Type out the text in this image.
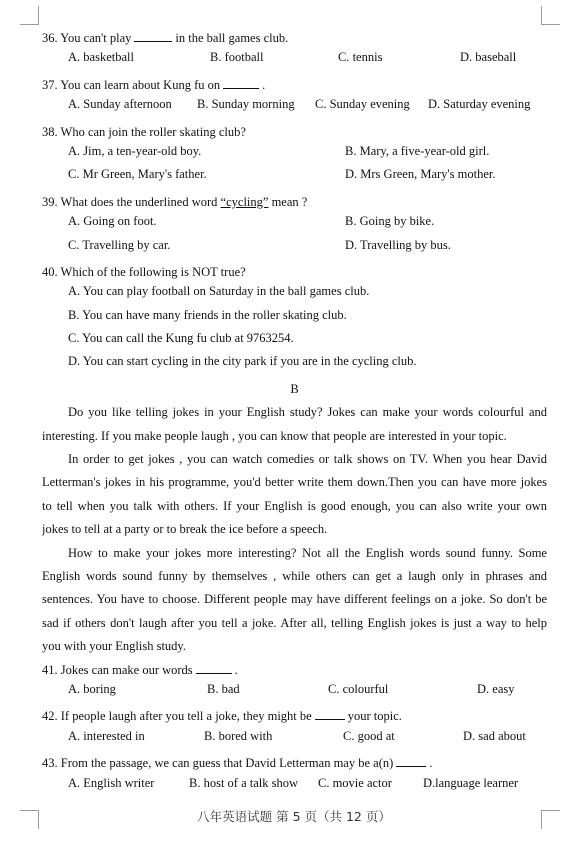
36. You can't play	in the ball games club.
A. basketball	B. football	C. tennis	D. baseball
37. You can learn about Kung fu on	.
A. Sunday afternoon B. Sunday morning C. Sunday evening D. Saturday evening
38. Who can join the roller skating club?
A. Jim, a ten-year-old boy.	B. Mary, a five-year-old girl.
C. Mr Green, Mary's father.	D. Mrs Green, Mary's mother.
39. What does the underlined word “cycling” mean ?
A. Going on foot.	B. Going by bike.
C. Travelling by car.	D. Travelling by bus.
40. Which of the following is NOT true?
A. You can play football on Saturday in the ball games club.
B. You can have many friends in the roller skating club.
C. You can call the Kung fu club at 9763254.
D. You can start cycling in the city park if you are in the cycling club.
B
Do you like telling jokes in your English study? Jokes can make your words colourful and
interesting. If you make people laugh , you can know that people are interested in your topic.
In order to get jokes , you can watch comedies or talk shows on TV. When you hear David
Letterman's jokes in his programme, you'd better write them down.Then you can have more jokes
to tell when you talk with others. If your English is good enough, you can also write your own
jokes to tell at a party or to break the ice before a speech.
How to make your jokes more interesting? Not all the English words sound funny. Some
English words sound funny by themselves , while others can get a laugh only in phrases and
sentences. You have to choose. Different people may have different feelings on a joke. So don't be
sad if others don't laugh after you tell a joke. After all, telling English jokes is just a way to help
you with your English study.
41. Jokes can make our words	.
A. boring	B. bad	C. colourful	D. easy
42. If people laugh after you tell a joke, they might be	your topic.
A. interested in	B. bored with	C. good at	D. sad about
43. From the passage, we can guess that David Letterman may be a(n)	.
A. English writer	B. host of a talk show C. movie actor D.language learner
八年英语试题 第 5 页（共 12 页）
